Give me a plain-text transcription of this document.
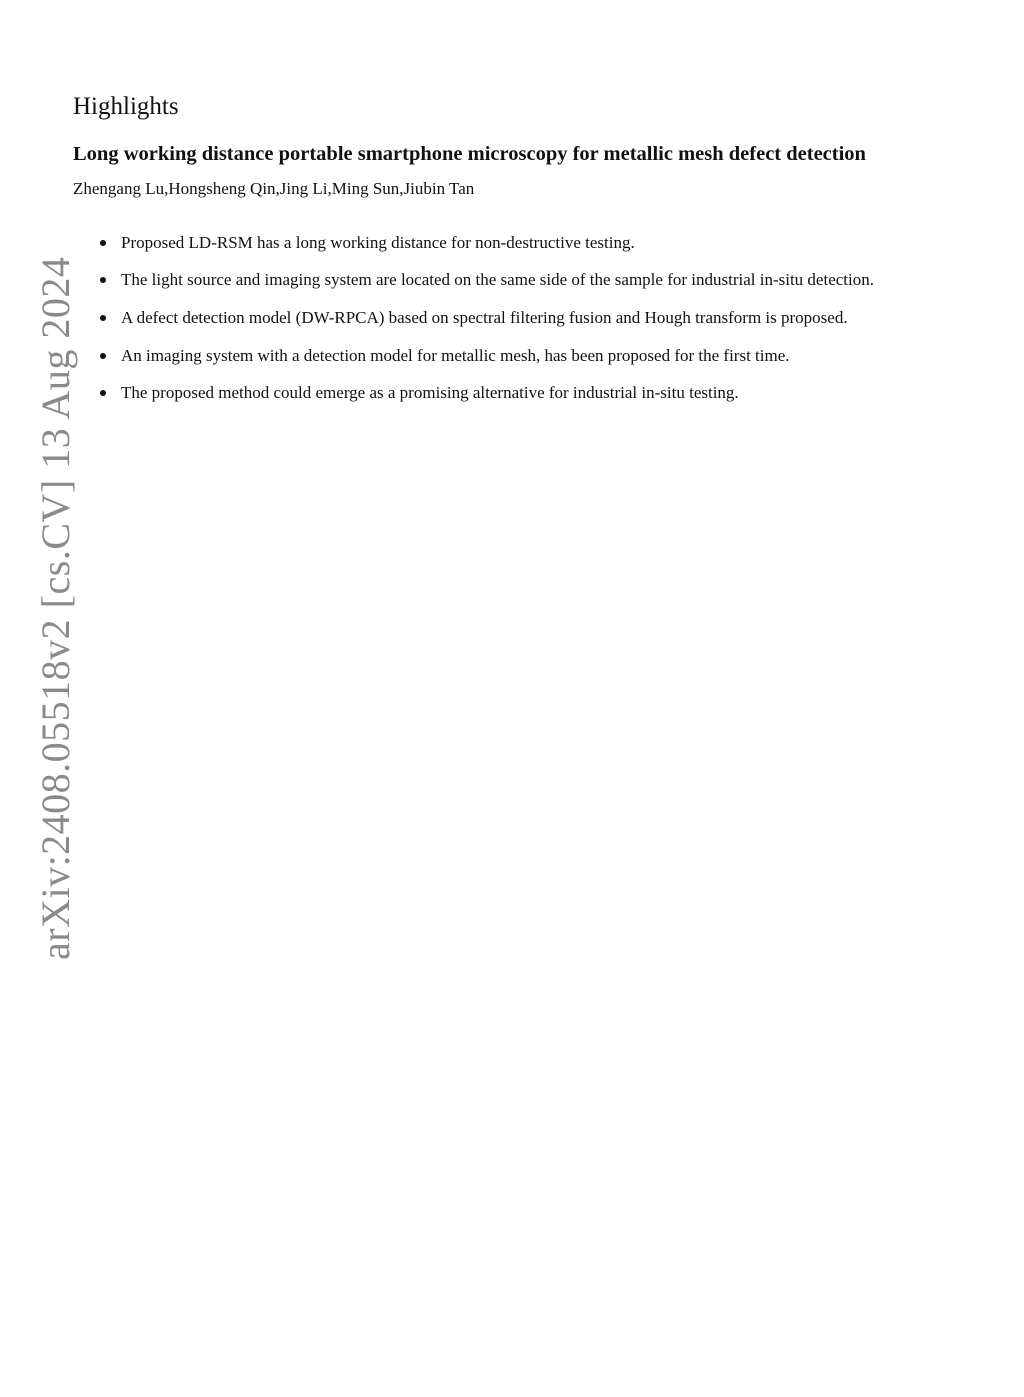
arXiv:2408.05518v2 [cs.CV] 13 Aug 2024
Highlights
Long working distance portable smartphone microscopy for metallic mesh defect detection
Zhengang Lu,Hongsheng Qin,Jing Li,Ming Sun,Jiubin Tan
Proposed LD-RSM has a long working distance for non-destructive testing.
The light source and imaging system are located on the same side of the sample for industrial in-situ detection.
A defect detection model (DW-RPCA) based on spectral filtering fusion and Hough transform is proposed.
An imaging system with a detection model for metallic mesh, has been proposed for the first time.
The proposed method could emerge as a promising alternative for industrial in-situ testing.
